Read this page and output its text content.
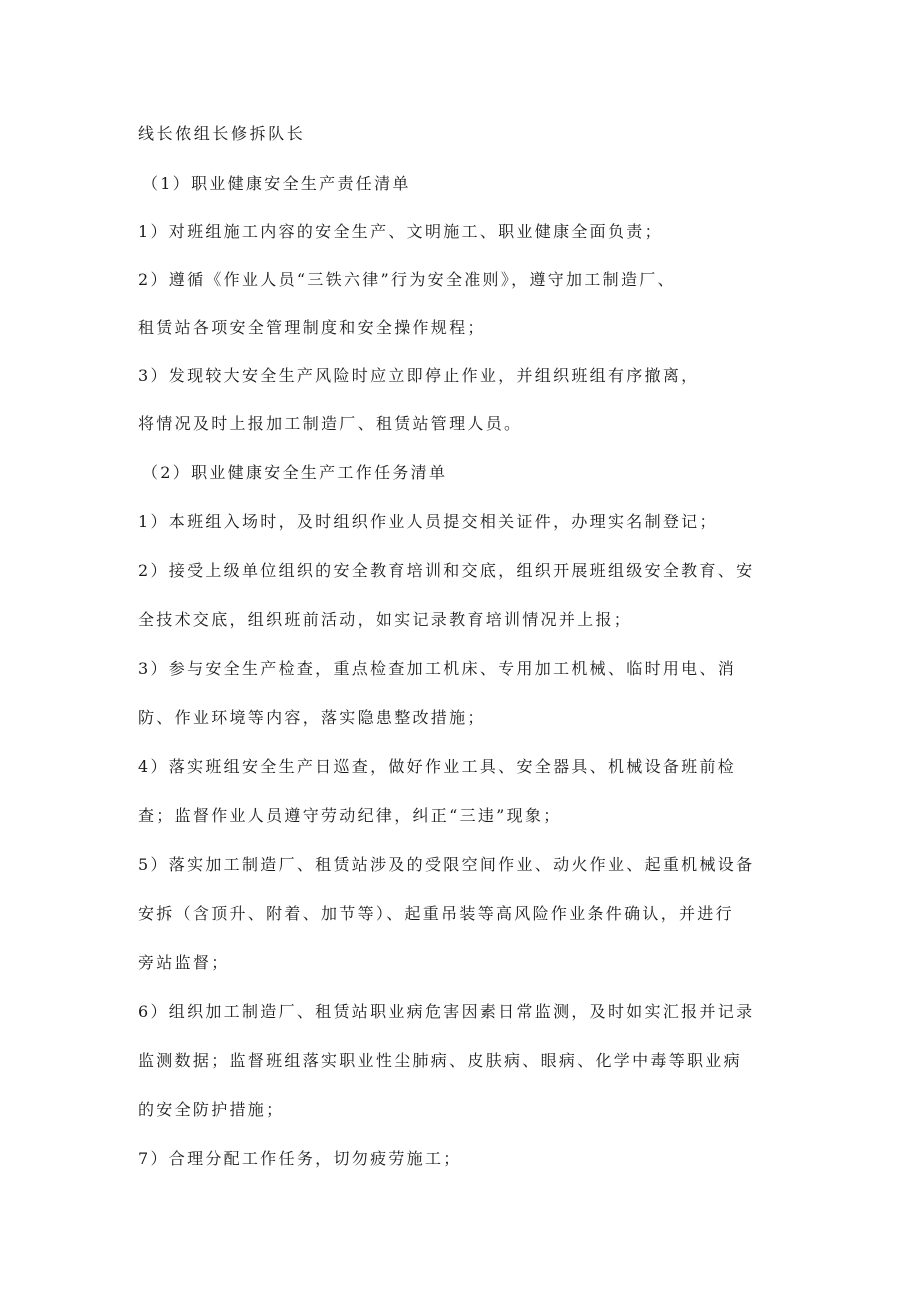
线长侬组长修拆队长
（1）职业健康安全生产责任清单
1）对班组施工内容的安全生产、文明施工、职业健康全面负责；
2）遵循《作业人员“三铁六律”行为安全准则》，遵守加工制造厂、
租赁站各项安全管理制度和安全操作规程；
3）发现较大安全生产风险时应立即停止作业，并组织班组有序撤离，
将情况及时上报加工制造厂、租赁站管理人员。
（2）职业健康安全生产工作任务清单
1）本班组入场时，及时组织作业人员提交相关证件，办理实名制登记；
2）接受上级单位组织的安全教育培训和交底，组织开展班组级安全教育、安
全技术交底，组织班前活动，如实记录教育培训情况并上报；
3）参与安全生产检查，重点检查加工机床、专用加工机械、临时用电、消
防、作业环境等内容，落实隐患整改措施；
4）落实班组安全生产日巡查，做好作业工具、安全器具、机械设备班前检
查；监督作业人员遵守劳动纪律，纠正“三违”现象；
5）落实加工制造厂、租赁站涉及的受限空间作业、动火作业、起重机械设备
安拆（含顶升、附着、加节等）、起重吊装等高风险作业条件确认，并进行
旁站监督；
6）组织加工制造厂、租赁站职业病危害因素日常监测，及时如实汇报并记录
监测数据；监督班组落实职业性尘肺病、皮肤病、眼病、化学中毒等职业病
的安全防护措施；
7）合理分配工作任务，切勿疲劳施工；
